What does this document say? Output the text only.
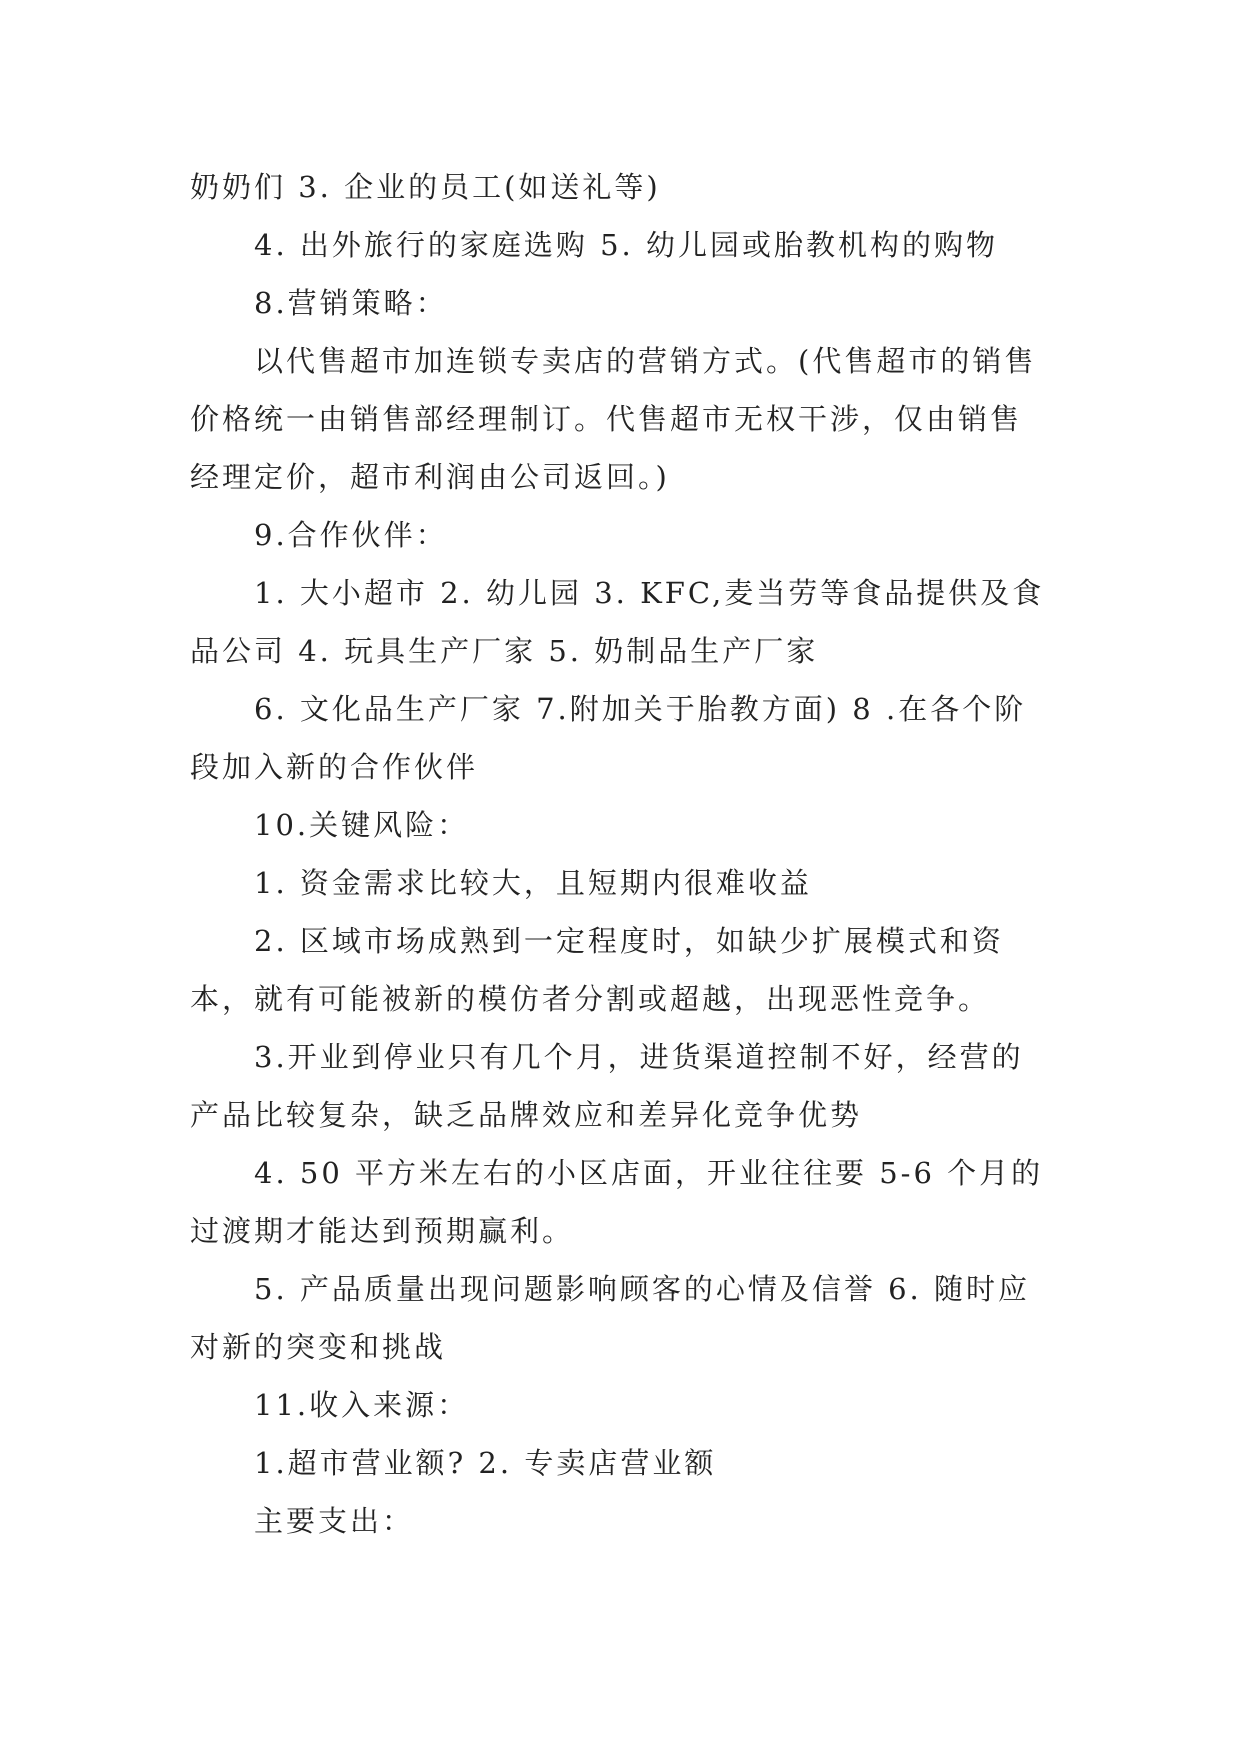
奶奶们 3. 企业的员工(如送礼等)

4. 出外旅行的家庭选购 5. 幼儿园或胎教机构的购物

8.营销策略：

以代售超市加连锁专卖店的营销方式。(代售超市的销售价格统一由销售部经理制订。代售超市无权干涉，仅由销售经理定价，超市利润由公司返回。)

9.合作伙伴：

1. 大小超市 2. 幼儿园 3. KFC,麦当劳等食品提供及食品公司 4. 玩具生产厂家 5. 奶制品生产厂家

6. 文化品生产厂家 7.附加关于胎教方面) 8 .在各个阶段加入新的合作伙伴

10.关键风险：

1. 资金需求比较大，且短期内很难收益

2. 区域市场成熟到一定程度时，如缺少扩展模式和资本，就有可能被新的模仿者分割或超越，出现恶性竞争。

3.开业到停业只有几个月，进货渠道控制不好，经营的产品比较复杂，缺乏品牌效应和差异化竞争优势

4. 50 平方米左右的小区店面，开业往往要 5-6 个月的过渡期才能达到预期赢利。

5. 产品质量出现问题影响顾客的心情及信誉 6. 随时应对新的突变和挑战

11.收入来源：

1.超市营业额? 2. 专卖店营业额

主要支出：
